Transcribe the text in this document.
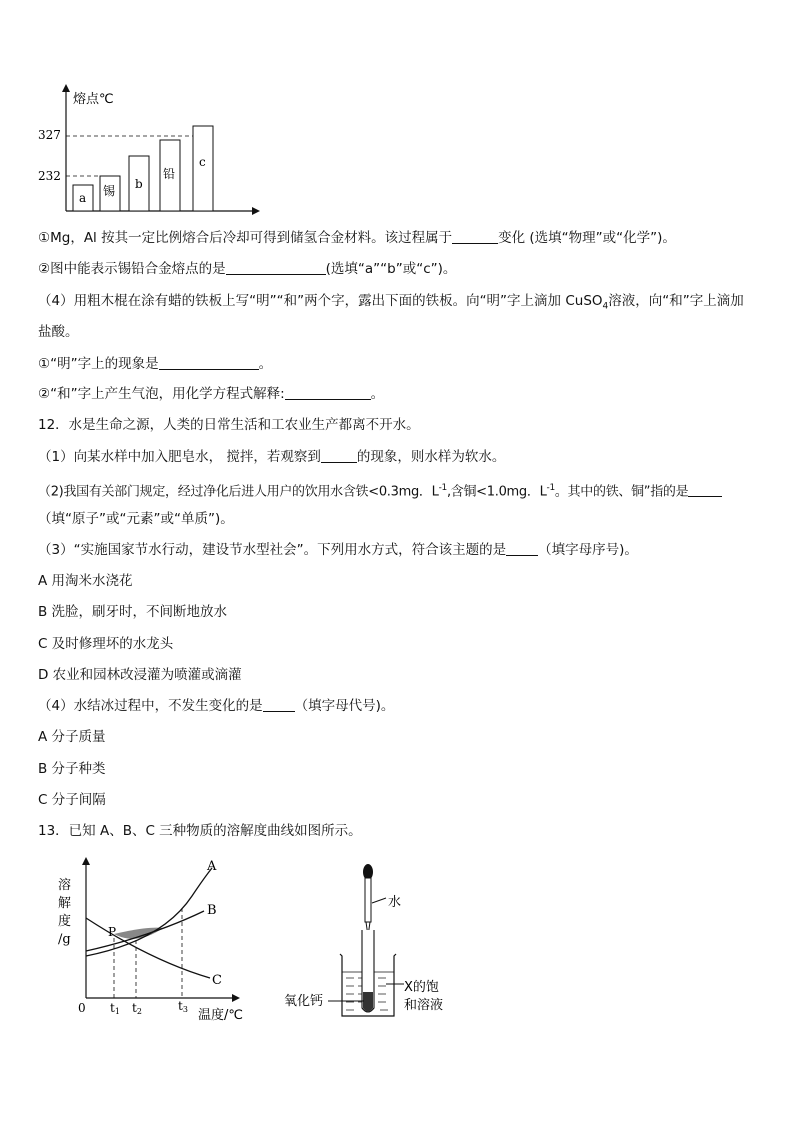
熔点℃
327
232
a 锡 b
铅
c
①Mg，Al 按其一定比例熔合后冷却可得到储氢合金材料。该过程属于	变化 (选填“物理”或“化学”)。
②图中能表示锡铅合金熔点的是	(选填“a”“b”或“c”)。
（4）用粗木棍在涂有蜡的铁板上写“明”“和”两个字，露出下面的铁板。向“明”字上滴加 CuSO$_4$溶液，向“和”字上滴加
盐酸。
①“明”字上的现象是	。
②“和”字上产生气泡，用化学方程式解释:	。
12．水是生命之源，人类的日常生活和工农业生产都离不开水。
（1）向某水样中加入肥皂水， 搅拌，若观察到	的现象，则水样为软水。
（2)我国有关部门规定，经过净化后进人用户的饮用水含铁<0.3mg．$L^{-1}$,含铜<1.0mg．$L^{-1}$。其中的铁、铜”指的是
（填“原子”或“元素”或“单质”)。
（3）“实施国家节水行动，建设节水型社会”。下列用水方式，符合该主题的是 （填字母序号)。
A 用淘米水浇花
B 洗脸，刷牙时，不间断地放水
C 及时修理坏的水龙头
D 农业和园林改浸灌为喷灌或滴灌
（4）水结冰过程中，不发生变化的是 （填字母代号)。
A 分子质量
B 分子种类
C 分子间隔
13．已知 A、B、C 三种物质的溶解度曲线如图所示。
溶
解
度
/g
0
A
B
C
P
t1 t2	t3 温度/℃
水
氧化钙
X的饱
和溶液
